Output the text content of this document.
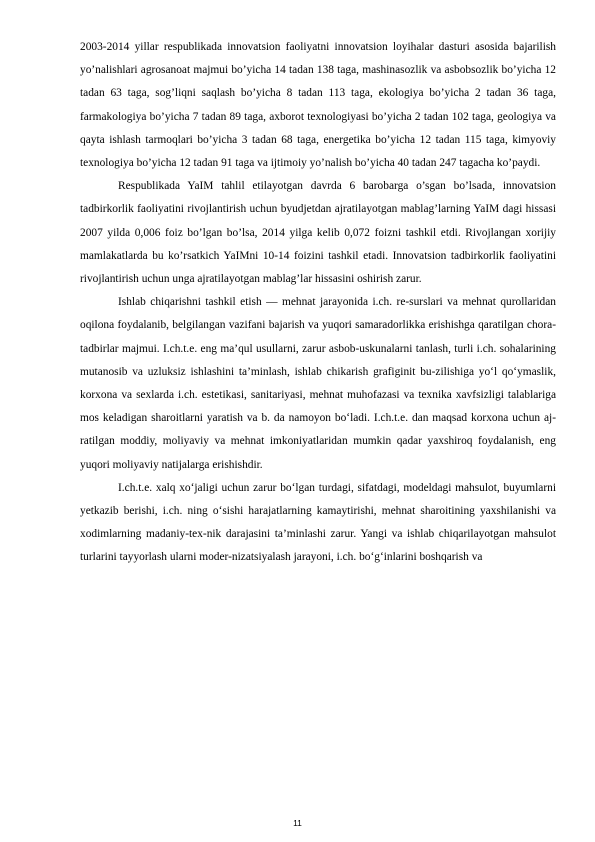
2003-2014 yillar respublikada innovatsion faoliyatni innovatsion loyihalar dasturi asosida bajarilish yo’nalishlari agrosanoat majmui bo’yicha 14 tadan 138 taga, mashinasozlik va asbobsozlik bo’yicha 12 tadan 63 taga, sog’liqni saqlash bo’yicha 8 tadan 113 taga, ekologiya bo’yicha 2 tadan 36 taga, farmakologiya bo’yicha 7 tadan 89 taga, axborot texnologiyasi bo’yicha 2 tadan 102 taga, geologiya va qayta ishlash tarmoqlari bo’yicha 3 tadan 68 taga, energetika bo’yicha 12 tadan 115 taga, kimyoviy texnologiya bo’yicha 12 tadan 91 taga va ijtimoiy yo’nalish bo’yicha 40 tadan 247 tagacha ko’paydi.

Respublikada YaIM tahlil etilayotgan davrda 6 barobarga o’sgan bo’lsada, innovatsion tadbirkorlik faoliyatini rivojlantirish uchun byudjetdan ajratilayotgan mablag’larning YaIM dagi hissasi 2007 yilda 0,006 foiz bo’lgan bo’lsa, 2014 yilga kelib 0,072 foizni tashkil etdi. Rivojlangan xorijiy mamlakatlarda bu ko’rsatkich YaIMni 10-14 foizini tashkil etadi. Innovatsion tadbirkorlik faoliyatini rivojlantirish uchun unga ajratilayotgan mablag’lar hissasini oshirish zarur.

Ishlab chiqarishni tashkil etish — mehnat jarayonida i.ch. re-surslari va mehnat qurollaridan oqilona foydalanib, belgilangan vazifani bajarish va yuqori samaradorlikka erishishga qaratilgan chora-tadbirlar majmui. I.ch.t.e. eng ma’qul usullarni, zarur asbob-uskunalarni tanlash, turli i.ch. sohalarining mutanosib va uzluksiz ishlashini ta’minlash, ishlab chikarish grafiginit bu-zilishiga yo‘l qo‘ymaslik, korxona va sexlarda i.ch. estetikasi, sanitariyasi, mehnat muhofazasi va texnika xavfsizligi talablariga mos keladigan sharoitlarni yaratish va b. da namoyon bo‘ladi. I.ch.t.e. dan maqsad korxona uchun aj-ratilgan moddiy, moliyaviy va mehnat imkoniyatlaridan mumkin qadar yaxshiroq foydalanish, eng yuqori moliyaviy natijalarga erishishdir.

I.ch.t.e. xalq xo‘jaligi uchun zarur bo‘lgan turdagi, sifatdagi, modeldagi mahsulot, buyumlarni yetkazib berishi, i.ch. ning o‘sishi harajatlarning kamaytirishi, mehnat sharoitining yaxshilanishi va xodimlarning madaniy-tex-nik darajasini ta’minlashi zarur. Yangi va ishlab chiqarilayotgan mahsulot turlarini tayyorlash ularni moder-nizatsiyalash jarayoni, i.ch. bo‘g‘inlarini boshqarish va

11
